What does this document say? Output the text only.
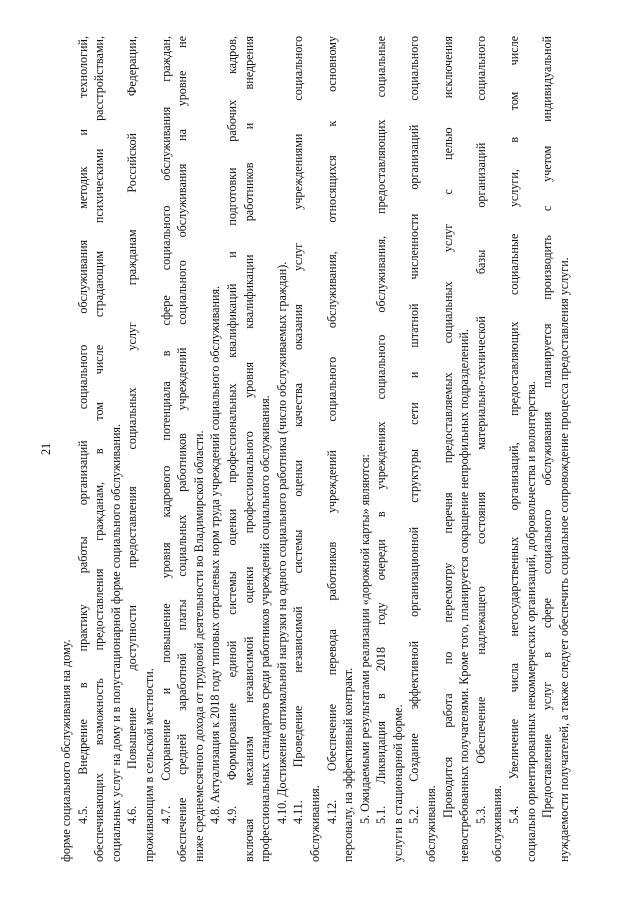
21
форме социального обслуживания на дому. 4.5. Внедрение в практику работы организаций социального обслуживания методик и технологий, обеспечивающих возможность предоставления гражданам, в том числе страдающим психическими расстройствами, социальных услуг на дому и в полустационарной форме социального обслуживания. 4.6. Повышение доступности предоставления социальных услуг гражданам Российской Федерации, проживающим в сельской местности. 4.7. Сохранение и повышение уровня кадрового потенциала в сфере социального обслуживания граждан, обеспечение средней заработной платы социальных работников учреждений социального обслуживания на уровне не ниже среднемесячного дохода от трудовой деятельности во Владимирской области. 4.8. Актуализация к 2018 году типовых отраслевых норм труда учреждений социального обслуживания. 4.9. Формирование единой системы оценки профессиональных квалификаций и подготовки рабочих кадров, включая механизм независимой оценки профессионального уровня квалификации работников и внедрения профессиональных стандартов среди работников учреждений социального обслуживания. 4.10. Достижение оптимальной нагрузки на одного социального работника (число обслуживаемых граждан). 4.11. Проведение независимой системы оценки качества оказания услуг учреждениями социального обслуживания. 4.12. Обеспечение перевода работников учреждений социального обслуживания, относящихся к основному персоналу, на эффективный контракт. 5. Ожидаемыми результатами реализации «дорожной карты» являются: 5.1. Ликвидация в 2018 году очереди в учреждениях социального обслуживания, предоставляющих социальные услуги в стационарной форме. 5.2. Создание эффективной организационной структуры сети и штатной численности организаций социального обслуживания.
Проводится работа по пересмотру перечня предоставляемых социальных услуг с целью исключения невостребованных получателями. Кроме того, планируется сокращение непрофильных подразделений. 5.3. Обеспечение надлежащего состояния материально-технической базы организаций социального обслуживания. 5.4. Увеличение числа негосударственных организаций, предоставляющих социальные услуги, в том числе социально ориентированных некоммерческих организаций, добровольчества и волонтерства. Предоставление услуг в сфере социального обслуживания планируется производить с учетом индивидуальной нуждаемости получателей, а также следует обеспечить социальное сопровождение процесса предоставления услуги.
